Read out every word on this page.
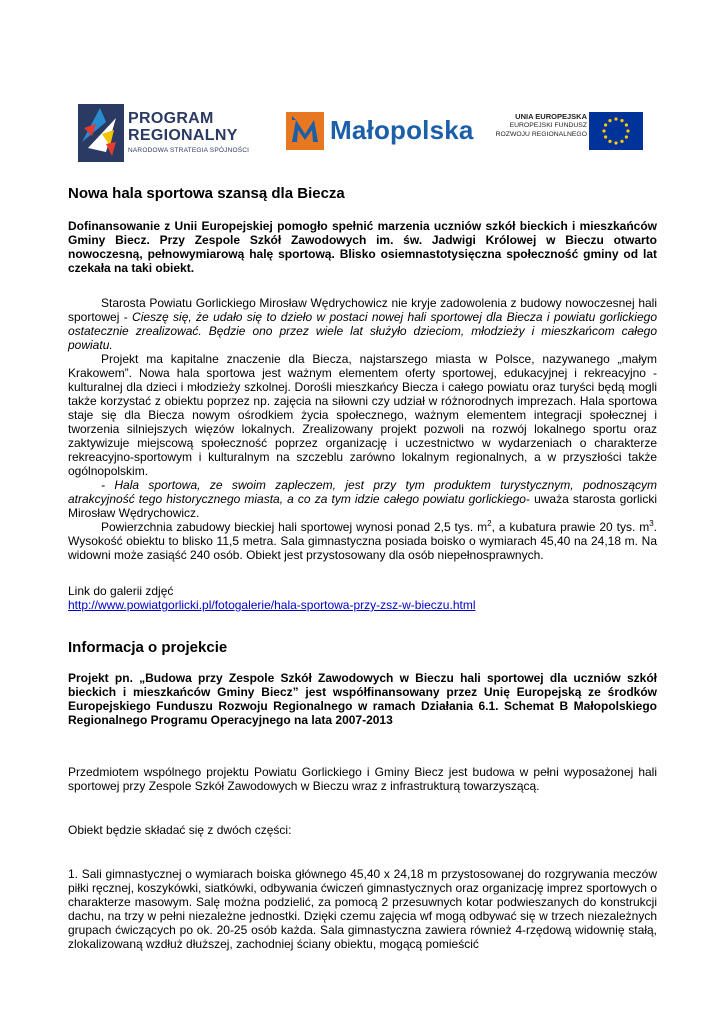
PROGRAM
REGIONALNY
NARODOWA STRATEGIA SPÓJNOŚCI
Małopolska	UNIA EUROPEJSKA
EUROPEJSKI FUNDUSZ
ROZWOJU REGIONALNEGO
Nowa hala sportowa szansą dla Biecza

Dofinansowanie z Unii Europejskiej pomogło spełnić marzenia uczniów szkół bieckich i mieszkańców Gminy Biecz. Przy Zespole Szkół Zawodowych im. św. Jadwigi Królowej w Bieczu otwarto nowoczesną, pełnowymiarową halę sportową. Blisko osiemnastotysięczna społeczność gminy od lat czekała na taki obiekt.

Starosta Powiatu Gorlickiego Mirosław Wędrychowicz nie kryje zadowolenia z budowy nowoczesnej hali sportowej - Cieszę się, że udało się to dzieło w postaci nowej hali sportowej dla Biecza i powiatu gorlickiego ostatecznie zrealizować. Będzie ono przez wiele lat służyło dzieciom, młodzieży i mieszkańcom całego powiatu.

Projekt ma kapitalne znaczenie dla Biecza, najstarszego miasta w Polsce, nazywanego „małym Krakowem”. Nowa hala sportowa jest ważnym elementem oferty sportowej, edukacyjnej i rekreacyjno - kulturalnej dla dzieci i młodzieży szkolnej. Dorośli mieszkańcy Biecza i całego powiatu oraz turyści będą mogli także korzystać z obiektu poprzez np. zajęcia na siłowni czy udział w różnorodnych imprezach. Hala sportowa staje się dla Biecza nowym ośrodkiem życia społecznego, ważnym elementem integracji społecznej i tworzenia silniejszych więzów lokalnych. Zrealizowany projekt pozwoli na rozwój lokalnego sportu oraz zaktywizuje miejscową społeczność poprzez organizację i uczestnictwo w wydarzeniach o charakterze rekreacyjno-sportowym i kulturalnym na szczeblu zarówno lokalnym regionalnych, a w przyszłości także ogólnopolskim.

- Hala sportowa, ze swoim zapleczem, jest przy tym produktem turystycznym, podnoszącym atrakcyjność tego historycznego miasta, a co za tym idzie całego powiatu gorlickiego- uważa starosta gorlicki Mirosław Wędrychowicz.

Powierzchnia zabudowy bieckiej hali sportowej wynosi ponad 2,5 tys. $m^2$, a kubatura prawie 20 tys. $m^3$. Wysokość obiektu to blisko 11,5 metra. Sala gimnastyczna posiada boisko o wymiarach 45,40 na 24,18 m. Na widowni może zasiąść 240 osób. Obiekt jest przystosowany dla osób niepełnosprawnych.

Link do galerii zdjęć

http://www.powiatgorlicki.pl/fotogalerie/hala-sportowa-przy-zsz-w-bieczu.html

Informacja o projekcie

Projekt pn. „Budowa przy Zespole Szkół Zawodowych w Bieczu hali sportowej dla uczniów szkół bieckich i mieszkańców Gminy Biecz” jest współfinansowany przez Unię Europejską ze środków Europejskiego Funduszu Rozwoju Regionalnego w ramach Działania 6.1. Schemat B Małopolskiego Regionalnego Programu Operacyjnego na lata 2007-2013

Przedmiotem wspólnego projektu Powiatu Gorlickiego i Gminy Biecz jest budowa w pełni wyposażonej hali sportowej przy Zespole Szkół Zawodowych w Bieczu wraz z infrastrukturą towarzyszącą.

Obiekt będzie składać się z dwóch części:

1. Sali gimnastycznej o wymiarach boiska głównego 45,40 x 24,18 m przystosowanej do rozgrywania meczów piłki ręcznej, koszykówki, siatkówki, odbywania ćwiczeń gimnastycznych oraz organizację imprez sportowych o charakterze masowym. Salę można podzielić, za pomocą 2 przesuwnych kotar podwieszanych do konstrukcji dachu, na trzy w pełni niezależne jednostki. Dzięki czemu zajęcia wf mogą odbywać się w trzech niezależnych grupach ćwiczących po ok. 20-25 osób każda. Sala gimnastyczna zawiera również 4-rzędową widownię stałą, zlokalizowaną wzdłuż dłuższej, zachodniej ściany obiektu, mogącą pomieścić
